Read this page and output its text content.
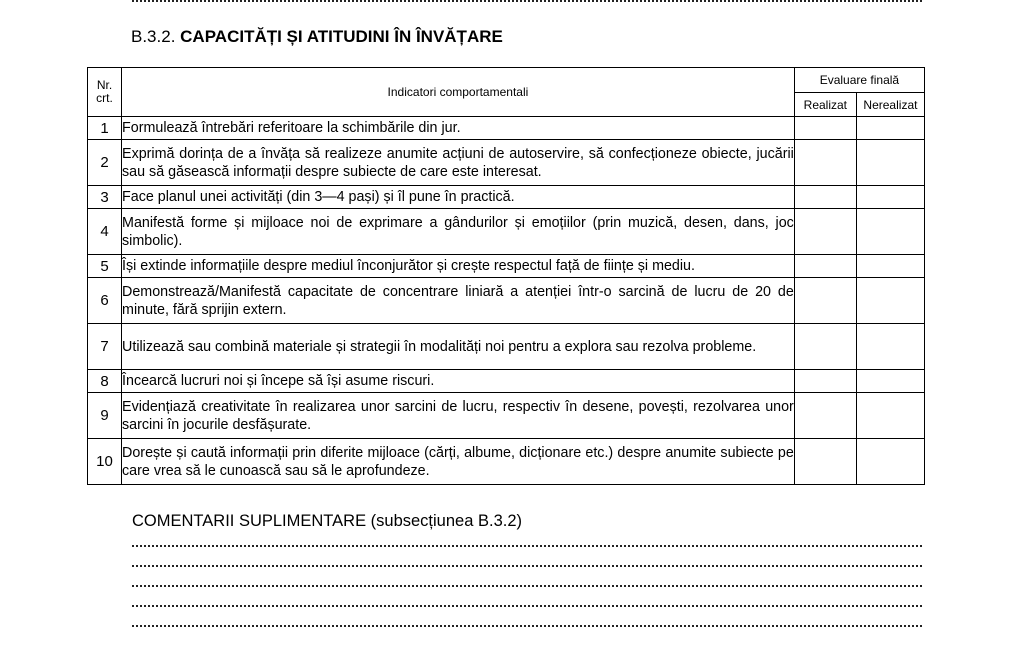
B.3.2. CAPACITĂȚI ȘI ATITUDINI ÎN ÎNVĂȚARE
Nr. crt.	Indicatori comportamentali	Evaluare finală	
		Realizat	Nerealizat
1	Formulează întrebări referitoare la schimbările din jur.		
2	Exprimă dorința de a învăța să realizeze anumite acțiuni de autoservire, să confecționeze obiecte, jucării sau să găsească informații despre subiecte de care este interesat.		
3	Face planul unei activități (din 3—4 pași) și îl pune în practică.		
4	Manifestă forme și mijloace noi de exprimare a gândurilor și emoțiilor (prin muzică, desen, dans, joc simbolic).		
5	Își extinde informațiile despre mediul înconjurător și crește respectul față de ființe și mediu.		
6	Demonstrează/Manifestă capacitate de concentrare liniară a atenției într-o sarcină de lucru de 20 de minute, fără sprijin extern.		
7	Utilizează sau combină materiale și strategii în modalități noi pentru a explora sau rezolva probleme.		
8	Încearcă lucruri noi și începe să își asume riscuri.		
9	Evidențiază creativitate în realizarea unor sarcini de lucru, respectiv în desene, povești, rezolvarea unor sarcini în jocurile desfășurate.		
10	Dorește și caută informații prin diferite mijloace (cărți, albume, dicționare etc.) despre anumite subiecte pe care vrea să le cunoască sau să le aprofundeze.		
COMENTARII SUPLIMENTARE (subsecțiunea B.3.2)
